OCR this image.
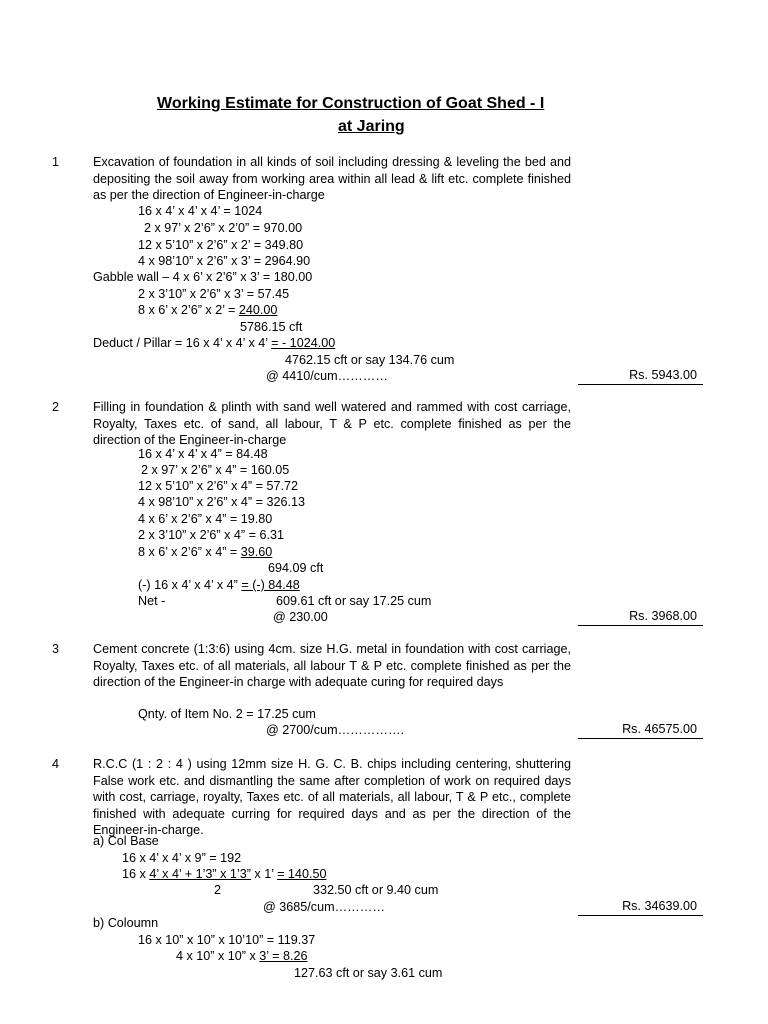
Working Estimate for Construction of Goat Shed - I
at Jaring
1	Excavation of foundation in all kinds of soil including dressing & leveling the bed and depositing the soil away from working area within all lead & lift etc. complete finished as per the direction of Engineer-in-charge
16 x 4’ x 4’ x 4’ = 1024
2 x 97’ x 2’6” x 2’0” = 970.00
12 x 5’10” x 2’6” x 2’ = 349.80
4 x 98’10” x 2’6” x 3’ = 2964.90
Gabble wall – 4 x 6’ x 2’6” x 3’ = 180.00
2 x 3’10” x 2’6” x 3’ = 57.45
8 x 6’ x 2’6” x 2’ = 240.00
5786.15 cft
Deduct / Pillar = 16 x 4’ x 4’ x 4’ = - 1024.00
4762.15 cft or say 134.76 cum
@ 4410/cum…………	Rs. 5943.00
2	Filling in foundation & plinth with sand well watered and rammed with cost carriage, Royalty, Taxes etc. of sand, all labour, T & P etc. complete finished as per the direction of the Engineer-in-charge
16 x 4’ x 4’ x 4” = 84.48
2 x 97’ x 2’6” x 4” = 160.05
12 x 5’10” x 2’6” x 4” = 57.72
4 x 98’10” x 2’6” x 4” = 326.13
4 x 6’ x 2’6” x 4” = 19.80
2 x 3’10” x 2’6” x 4” = 6.31
8 x 6’ x 2’6” x 4” = 39.60
694.09 cft
(-) 16 x 4’ x 4’ x 4” = (-) 84.48
Net -	609.61 cft or say 17.25 cum
@ 230.00	Rs. 3968.00
3	Cement concrete (1:3:6) using 4cm. size H.G. metal in foundation with cost carriage, Royalty, Taxes etc. of all materials, all labour T & P etc. complete finished as per the direction of the Engineer-in charge with adequate curing for required days
Qnty. of Item No. 2 = 17.25 cum
@ 2700/cum…………….	Rs. 46575.00
4	R.C.C (1 : 2 : 4 ) using 12mm size H. G. C. B. chips including centering, shuttering False work etc. and dismantling the same after completion of work on required days with cost, carriage, royalty, Taxes etc. of all materials, all labour, T & P etc., complete finished with adequate curring for required days and as per the direction of the Engineer-in-charge.
a) Col Base
16 x 4’ x 4’ x 9” = 192
16 x 4’ x 4’ + 1’3” x 1’3” x 1’ = 140.50
2	332.50 cft or 9.40 cum
@ 3685/cum…………	Rs. 34639.00
b) Coloumn
16 x 10” x 10” x 10’10” = 119.37
4 x 10” x 10” x 3’ = 8.26
127.63 cft or say 3.61 cum
